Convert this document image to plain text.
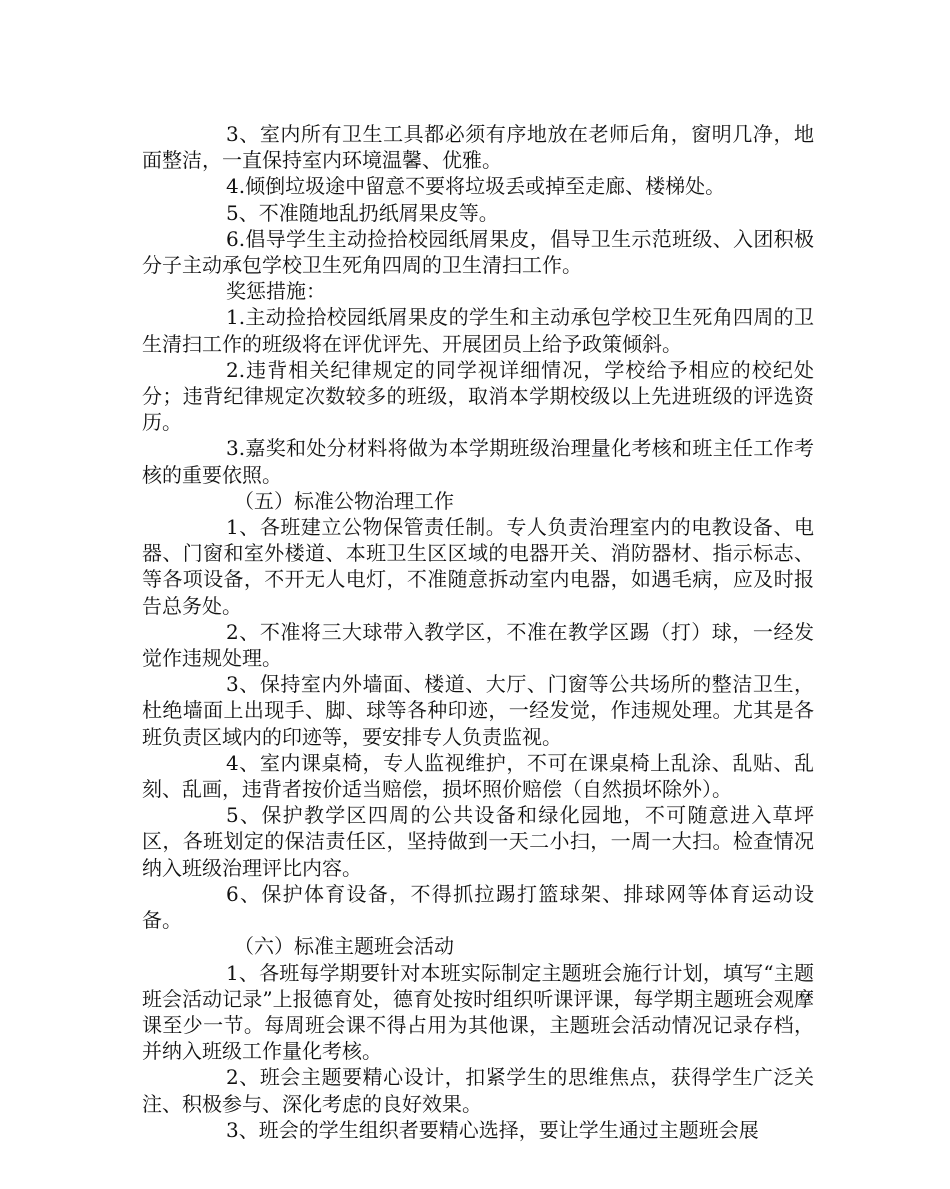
3、室内所有卫生工具都必须有序地放在老师后角，窗明几净，地面整洁，一直保持室内环境温馨、优雅。

4.倾倒垃圾途中留意不要将垃圾丢或掉至走廊、楼梯处。

5、不准随地乱扔纸屑果皮等。

6.倡导学生主动捡拾校园纸屑果皮，倡导卫生示范班级、入团积极分子主动承包学校卫生死角四周的卫生清扫工作。

奖惩措施：

1.主动捡拾校园纸屑果皮的学生和主动承包学校卫生死角四周的卫生清扫工作的班级将在评优评先、开展团员上给予政策倾斜。

2.违背相关纪律规定的同学视详细情况，学校给予相应的校纪处分；违背纪律规定次数较多的班级，取消本学期校级以上先进班级的评选资历。

3.嘉奖和处分材料将做为本学期班级治理量化考核和班主任工作考核的重要依照。

（五）标准公物治理工作

1、各班建立公物保管责任制。专人负责治理室内的电教设备、电器、门窗和室外楼道、本班卫生区区域的电器开关、消防器材、指示标志、等各项设备，不开无人电灯，不准随意拆动室内电器，如遇毛病，应及时报告总务处。

2、不准将三大球带入教学区，不准在教学区踢（打）球，一经发觉作违规处理。

3、保持室内外墙面、楼道、大厅、门窗等公共场所的整洁卫生，杜绝墙面上出现手、脚、球等各种印迹，一经发觉，作违规处理。尤其是各班负责区域内的印迹等，要安排专人负责监视。

4、室内课桌椅，专人监视维护，不可在课桌椅上乱涂、乱贴、乱刻、乱画，违背者按价适当赔偿，损坏照价赔偿（自然损坏除外）。

5、保护教学区四周的公共设备和绿化园地，不可随意进入草坪区，各班划定的保洁责任区，坚持做到一天二小扫，一周一大扫。检查情况纳入班级治理评比内容。

6、保护体育设备，不得抓拉踢打篮球架、排球网等体育运动设备。

（六）标准主题班会活动

1、各班每学期要针对本班实际制定主题班会施行计划，填写“主题班会活动记录”上报德育处，德育处按时组织听课评课，每学期主题班会观摩课至少一节。每周班会课不得占用为其他课，主题班会活动情况记录存档，并纳入班级工作量化考核。

2、班会主题要精心设计，扣紧学生的思维焦点，获得学生广泛关注、积极参与、深化考虑的良好效果。

3、班会的学生组织者要精心选择，要让学生通过主题班会展
